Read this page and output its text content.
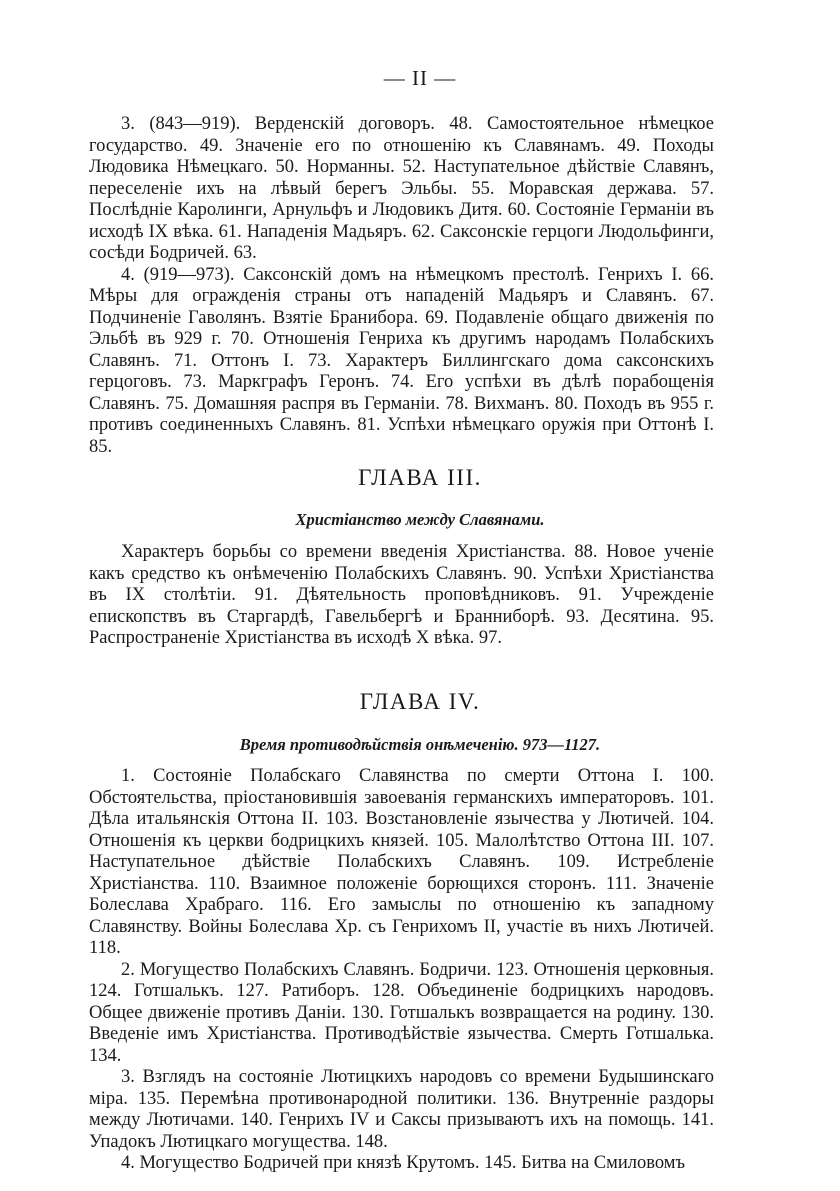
— II —

3. (843—919). Верденскій договоръ. 48. Самостоятельное нѣмецкое государство. 49. Значеніе его по отношенію къ Славянамъ. 49. Походы Людовика Нѣмецкаго. 50. Норманны. 52. Наступательное дѣйствіе Славянъ, переселеніе ихъ на лѣвый берегъ Эльбы. 55. Моравская держава. 57. Послѣдніе Каролинги, Арнульфъ и Людовикъ Дитя. 60. Состояніе Германіи въ исходѣ IX вѣка. 61. Нападенія Мадьяръ. 62. Саксонскіе герцоги Людольфинги, сосѣди Бодричей. 63.

4. (919—973). Саксонскій домъ на нѣмецкомъ престолѣ. Генрихъ I. 66. Мѣры для огражденія страны отъ нападеній Мадьяръ и Славянъ. 67. Подчиненіе Гаволянъ. Взятіе Бранибора. 69. Подавленіе общаго движенія по Эльбѣ въ 929 г. 70. Отношенія Генриха къ другимъ народамъ Полабскихъ Славянъ. 71. Оттонъ I. 73. Характеръ Биллингскаго дома саксонскихъ герцоговъ. 73. Маркграфъ Геронъ. 74. Его успѣхи въ дѣлѣ порабощенія Славянъ. 75. Домашняя распря въ Германіи. 78. Вихманъ. 80. Походъ въ 955 г. противъ соединенныхъ Славянъ. 81. Успѣхи нѣмецкаго оружія при Оттонѣ I. 85.

ГЛАВА III.
Христіанство между Славянами.

Характеръ борьбы со времени введенія Христіанства. 88. Новое ученіе какъ средство къ онѣмеченію Полабскихъ Славянъ. 90. Успѣхи Христіанства въ IX столѣтіи. 91. Дѣятельность проповѣдниковъ. 91. Учрежденіе епископствъ въ Старгардѣ, Гавельбергѣ и Бранниборѣ. 93. Десятина. 95. Распространеніе Христіанства въ исходѣ X вѣка. 97.

ГЛАВА IV.
Время противодѣйствія онѣмеченію. 973—1127.

1. Состояніе Полабскаго Славянства по смерти Оттона I. 100. Обстоятельства, пріостановившія завоеванія германскихъ императоровъ. 101. Дѣла итальянскія Оттона II. 103. Возстановленіе язычества у Лютичей. 104. Отношенія къ церкви бодрицкихъ князей. 105. Малолѣтство Оттона III. 107. Наступательное дѣйствіе Полабскихъ Славянъ. 109. Истребленіе Христіанства. 110. Взаимное положеніе борющихся сторонъ. 111. Значеніе Болеслава Храбраго. 116. Его замыслы по отношенію къ западному Славянству. Войны Болеслава Хр. съ Генрихомъ II, участіе въ нихъ Лютичей. 118.

2. Могущество Полабскихъ Славянъ. Бодричи. 123. Отношенія церковныя. 124. Готшалькъ. 127. Ратиборъ. 128. Объединеніе бодрицкихъ народовъ. Общее движеніе противъ Даніи. 130. Готшалькъ возвращается на родину. 130. Введеніе имъ Христіанства. Противодѣйствіе язычества. Смерть Готшалька. 134.

3. Взглядъ на состояніе Лютицкихъ народовъ со времени Будышинскаго міра. 135. Перемѣна противонародной политики. 136. Внутренніе раздоры между Лютичами. 140. Генрихъ IV и Саксы призываютъ ихъ на помощь. 141. Упадокъ Лютицкаго могущества. 148.

4. Могущество Бодричей при князѣ Крутомъ. 145. Битва на Смиловомъ
